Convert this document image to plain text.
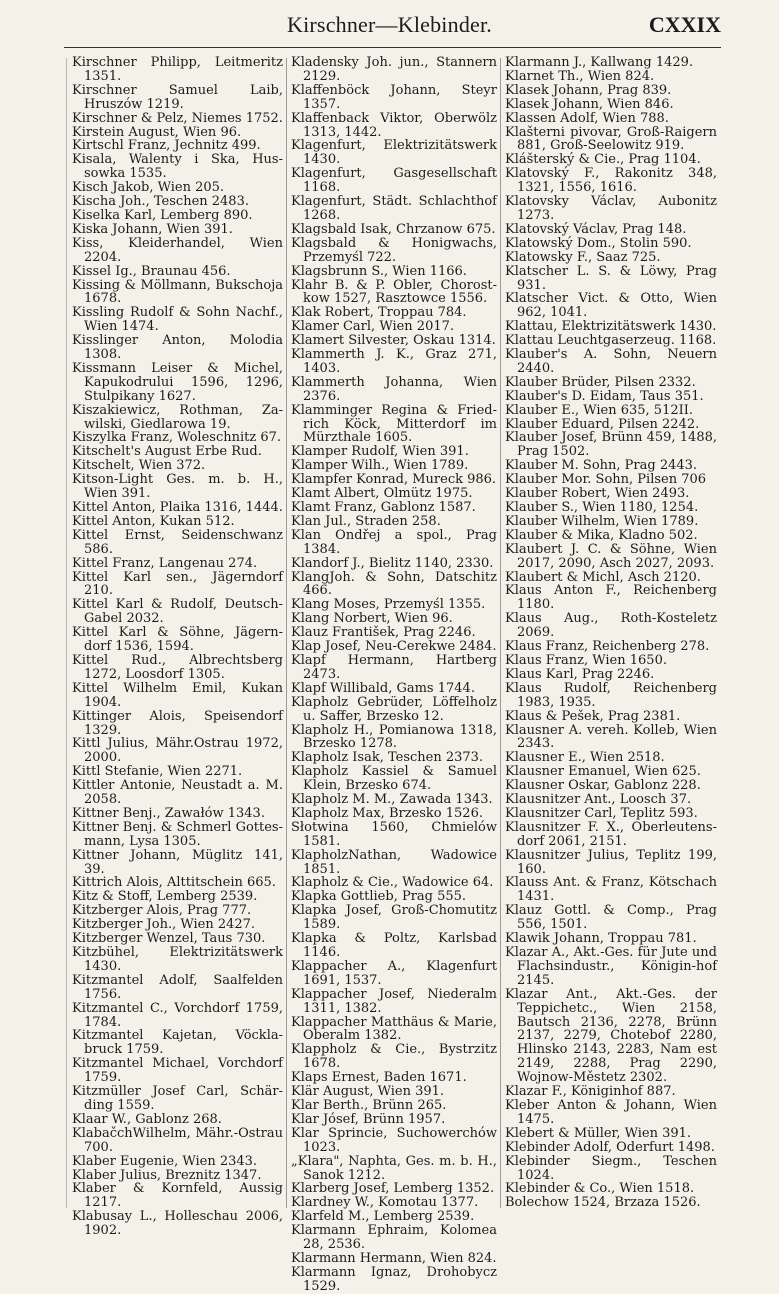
Kirschner—Klebinder.	CXXIX

Kirschner Philipp, Leitmeritz 1351.

Kirschner Samuel Laib, Hruszów 1219.

Kirschner & Pelz, Niemes 1752.

Kirstein August, Wien 96.

Kirtschl Franz, Jechnitz 499.

Kisala, Walenty i Ska, Hus-sowka 1535.

Kisch Jakob, Wien 205.

Kischa Joh., Teschen 2483.

Kiselka Karl, Lemberg 890.

Kiska Johann, Wien 391.

Kiss, Kleiderhandel, Wien 2204.

Kissel Ig., Braunau 456.

Kissing & Möllmann, Bukschoja 1678.

Kissling Rudolf & Sohn Nachf., Wien 1474.

Kisslinger Anton, Molodia 1308.

Kissmann Leiser & Michel, Kapukodrului 1596, 1296, Stulpikany 1627.

Kiszakiewicz, Rothman, Za-wilski, Giedlarowa 19.

Kiszylka Franz, Woleschnitz 67.

Kitschelt's August Erbe Rud.

Kitschelt, Wien 372.

Kitson-Light Ges. m. b. H., Wien 391.

Kittel Anton, Plaika 1316, 1444.

Kittel Anton, Kukan 512.

Kittel Ernst, Seidenschwanz 586.

Kittel Franz, Langenau 274.

Kittel Karl sen., Jägerndorf 210.

Kittel Karl & Rudolf, Deutsch-Gabel 2032.

Kittel Karl & Söhne, Jägern-dorf 1536, 1594.

Kittel Rud., Albrechtsberg 1272, Loosdorf 1305.

Kittel Wilhelm Emil, Kukan 1904.

Kittinger Alois, Speisendorf 1329.

Kittl Julius, Mähr.Ostrau 1972, 2000.

Kittl Stefanie, Wien 2271.

Kittler Antonie, Neustadt a. M. 2058.

Kittner Benj., Zawałów 1343.

Kittner Benj. & Schmerl Gottes-mann, Lysa 1305.

Kittner Johann, Müglitz 141, 39.

Kittrich Alois, Alttitschein 665.

Kitz & Stoff, Lemberg 2539.

Kitzberger Alois, Prag 777.

Kitzberger Joh., Wien 2427.

Kitzberger Wenzel, Taus 730.

Kitzbühel, Elektrizitätswerk 1430.

Kitzmantel Adolf, Saalfelden 1756.

Kitzmantel C., Vorchdorf 1759, 1784.

Kitzmantel Kajetan, Vöckla-bruck 1759.

Kitzmantel Michael, Vorchdorf 1759.

Kitzmüller Josef Carl, Schär-ding 1559.

Klaar W., Gablonz 268.

KlabačchWilhelm, Mähr.-Ostrau 700.

Klaber Eugenie, Wien 2343.

Klaber Julius, Breznitz 1347.

Klaber & Kornfeld, Aussig 1217.

Klabusay L., Holleschau 2006, 1902.

Kladensky Joh. jun., Stannern 2129.

Klaffenböck Johann, Steyr 1357.

Klaffenback Viktor, Oberwölz 1313, 1442.

Klagenfurt, Elektrizitätswerk 1430.

Klagenfurt, Gasgesellschaft 1168.

Klagenfurt, Städt. Schlachthof 1268.

Klagsbald Isak, Chrzanow 675.

Klagsbald & Honigwachs, Przemyśl 722.

Klagsbrunn S., Wien 1166.

Klahr B. & P. Obler, Chorost-kow 1527, Rasztowce 1556.

Klak Robert, Troppau 784.

Klamer Carl, Wien 2017.

Klamert Silvester, Oskau 1314.

Klammerth J. K., Graz 271, 1403.

Klammerth Johanna, Wien 2376.

Klamminger Regina & Fried-rich Köck, Mitterdorf im Mürzthale 1605.

Klamper Rudolf, Wien 391.

Klamper Wilh., Wien 1789.

Klampfer Konrad, Mureck 986.

Klamt Albert, Olmütz 1975.

Klamt Franz, Gablonz 1587.

Klan Jul., Straden 258.

Klan Ondřej a spol., Prag 1384.

Klandorf J., Bielitz 1140, 2330.

KlangJoh. & Sohn, Datschitz 466.

Klang Moses, Przemyśl 1355.

Klang Norbert, Wien 96.

Klauz František, Prag 2246.

Klap Josef, Neu-Cerekwe 2484.

Klapf Hermann, Hartberg 2473.

Klapf Willibald, Gams 1744.

Klapholz Gebrüder, Löffelholz u. Saffer, Brzesko 12.

Klapholz H., Pomianowa 1318, Brzesko 1278.

Klapholz Isak, Teschen 2373.

Klapholz Kassiel & Samuel Klein, Brzesko 674.

Klapholz M. M., Zawada 1343.

Klapholz Max, Brzesko 1526.

Słotwina 1560, Chmielów 1581.

KlapholzNathan, Wadowice 1851.

Klapholz & Cie., Wadowice 64.

Klapka Gottlieb, Prag 555.

Klapka Josef, Groß-Chomutitz 1589.

Klapka & Poltz, Karlsbad 1146.

Klappacher A., Klagenfurt 1691, 1537.

Klappacher Josef, Niederalm 1311, 1382.

Klappacher Matthäus & Marie, Oberalm 1382.

Klappholz & Cie., Bystrzitz 1678.

Klaps Ernest, Baden 1671.

Klär August, Wien 391.

Klar Berth., Brünn 265.

Klar Jósef, Brünn 1957.

Klar Sprincie, Suchowerchów 1023.

„Klara", Naphta, Ges. m. b. H., Sanok 1212.

Klarberg Josef, Lemberg 1352.

Klardney W., Komotau 1377.

Klarfeld M., Lemberg 2539.

Klarmann Ephraim, Kolomea 28, 2536.

Klarmann Hermann, Wien 824.

Klarmann Ignaz, Drohobycz 1529.

Klarmann J., Kallwang 1429.

Klarnet Th., Wien 824.

Klasek Johann, Prag 839.

Klasek Johann, Wien 846.

Klassen Adolf, Wien 788.

Klašterni pivovar, Groß-Raigern 881, Groß-Seelowitz 919.

Klášterský & Cie., Prag 1104.

Klatovský F., Rakonitz 348, 1321, 1556, 1616.

Klatovsky Václav, Aubonitz 1273.

Klatovský Václav, Prag 148.

Klatowský Dom., Stolin 590.

Klatowsky F., Saaz 725.

Klatscher L. S. & Löwy, Prag 931.

Klatscher Vict. & Otto, Wien 962, 1041.

Klattau, Elektrizitätswerk 1430.

Klattau Leuchtgaserzeug. 1168.

Klauber's A. Sohn, Neuern 2440.

Klauber Brüder, Pilsen 2332.

Klauber's D. Eidam, Taus 351.

Klauber E., Wien 635, 512II.

Klauber Eduard, Pilsen 2242.

Klauber Josef, Brünn 459, 1488, Prag 1502.

Klauber M. Sohn, Prag 2443.

Klauber Mor. Sohn, Pilsen 706

Klauber Robert, Wien 2493.

Klauber S., Wien 1180, 1254.

Klauber Wilhelm, Wien 1789.

Klauber & Mika, Kladno 502.

Klaubert J. C. & Söhne, Wien 2017, 2090, Asch 2027, 2093.

Klaubert & Michl, Asch 2120.

Klaus Anton F., Reichenberg 1180.

Klaus Aug., Roth-Kosteletz 2069.

Klaus Franz, Reichenberg 278.

Klaus Franz, Wien 1650.

Klaus Karl, Prag 2246.

Klaus Rudolf, Reichenberg 1983, 1935.

Klaus & Pešek, Prag 2381.

Klausner A. vereh. Kolleb, Wien 2343.

Klausner E., Wien 2518.

Klausner Emanuel, Wien 625.

Klausner Oskar, Gablonz 228.

Klausnitzer Ant., Loosch 37.

Klausnitzer Carl, Teplitz 593.

Klausnitzer F. X., Oberleutens-dorf 2061, 2151.

Klausnitzer Julius, Teplitz 199, 160.

Klauss Ant. & Franz, Kötschach 1431.

Klauz Gottl. & Comp., Prag 556, 1501.

Klawik Johann, Troppau 781.

Klazar A., Akt.-Ges. für Jute und Flachsindustr., Königin-hof 2145.

Klazar Ant., Akt.-Ges. der Teppichetc., Wien 2158, Bautsch 2136, 2278, Brünn 2137, 2279, Chotebof 2280, Hlinsko 2143, 2283, Nam est 2149, 2288, Prag 2290, Wojnow-Městetz 2302.

Klazar F., Königinhof 887.

Kleber Anton & Johann, Wien 1475.

Klebert & Müller, Wien 391.

Klebinder Adolf, Oderfurt 1498.

Klebinder Siegm., Teschen 1024.

Klebinder & Co., Wien 1518.

Bolechow 1524, Brzaza 1526.
